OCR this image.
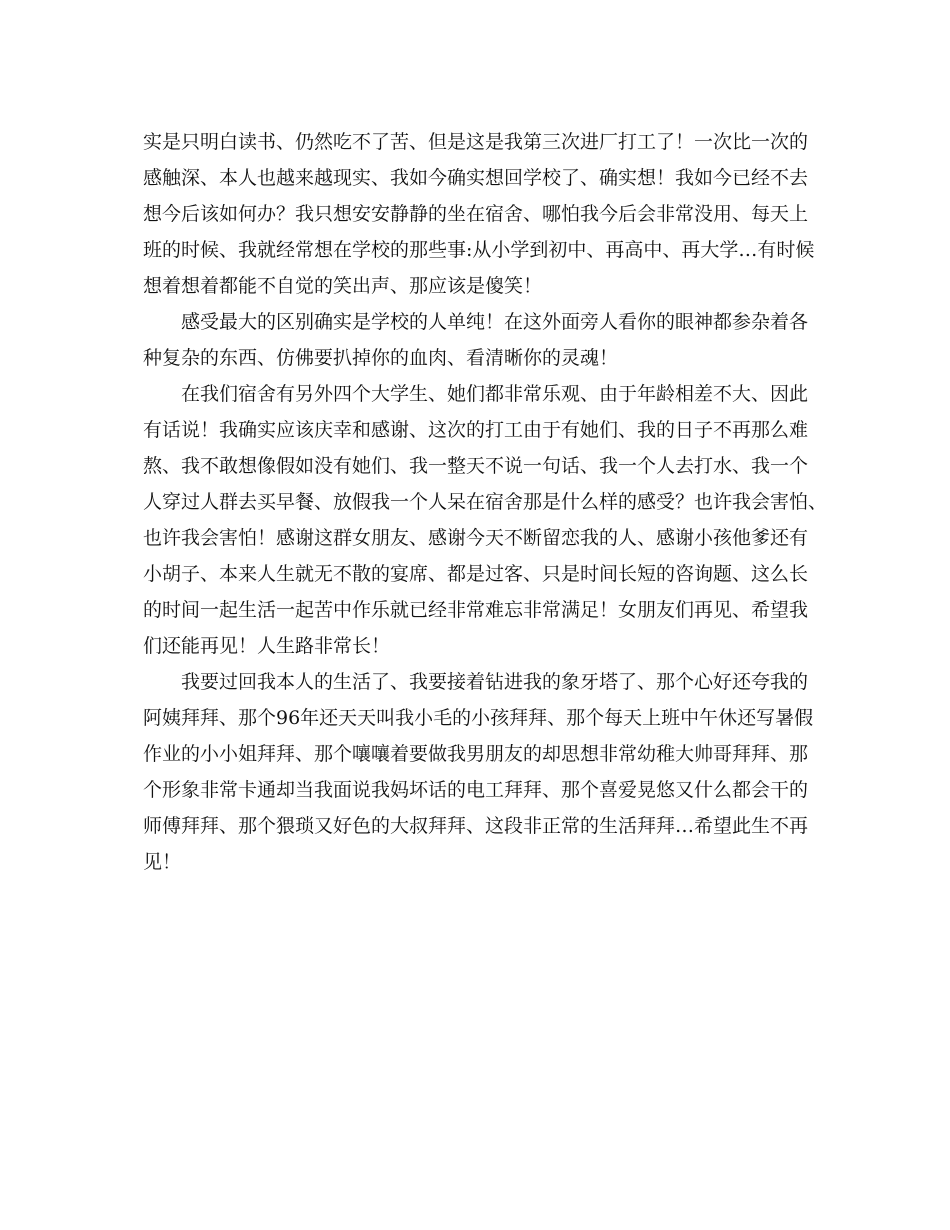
实是只明白读书、仍然吃不了苦、但是这是我第三次进厂打工了！一次比一次的
感触深、本人也越来越现实、我如今确实想回学校了、确实想！我如今已经不去
想今后该如何办？我只想安安静静的坐在宿舍、哪怕我今后会非常没用、每天上
班的时候、我就经常想在学校的那些事:从小学到初中、再高中、再大学…有时候
想着想着都能不自觉的笑出声、那应该是傻笑！
感受最大的区别确实是学校的人单纯！在这外面旁人看你的眼神都参杂着各
种复杂的东西、仿佛要扒掉你的血肉、看清晰你的灵魂！
在我们宿舍有另外四个大学生、她们都非常乐观、由于年龄相差不大、因此
有话说！我确实应该庆幸和感谢、这次的打工由于有她们、我的日子不再那么难
熬、我不敢想像假如没有她们、我一整天不说一句话、我一个人去打水、我一个
人穿过人群去买早餐、放假我一个人呆在宿舍那是什么样的感受？也许我会害怕、
也许我会害怕！感谢这群女朋友、感谢今天不断留恋我的人、感谢小孩他爹还有
小胡子、本来人生就无不散的宴席、都是过客、只是时间长短的咨询题、这么长
的时间一起生活一起苦中作乐就已经非常难忘非常满足！女朋友们再见、希望我
们还能再见！人生路非常长！
我要过回我本人的生活了、我要接着钻进我的象牙塔了、那个心好还夸我的
阿姨拜拜、那个96年还天天叫我小毛的小孩拜拜、那个每天上班中午休还写暑假
作业的小小姐拜拜、那个嚷嚷着要做我男朋友的却思想非常幼稚大帅哥拜拜、那
个形象非常卡通却当我面说我妈坏话的电工拜拜、那个喜爱晃悠又什么都会干的
师傅拜拜、那个猥琐又好色的大叔拜拜、这段非正常的生活拜拜…希望此生不再
见！
